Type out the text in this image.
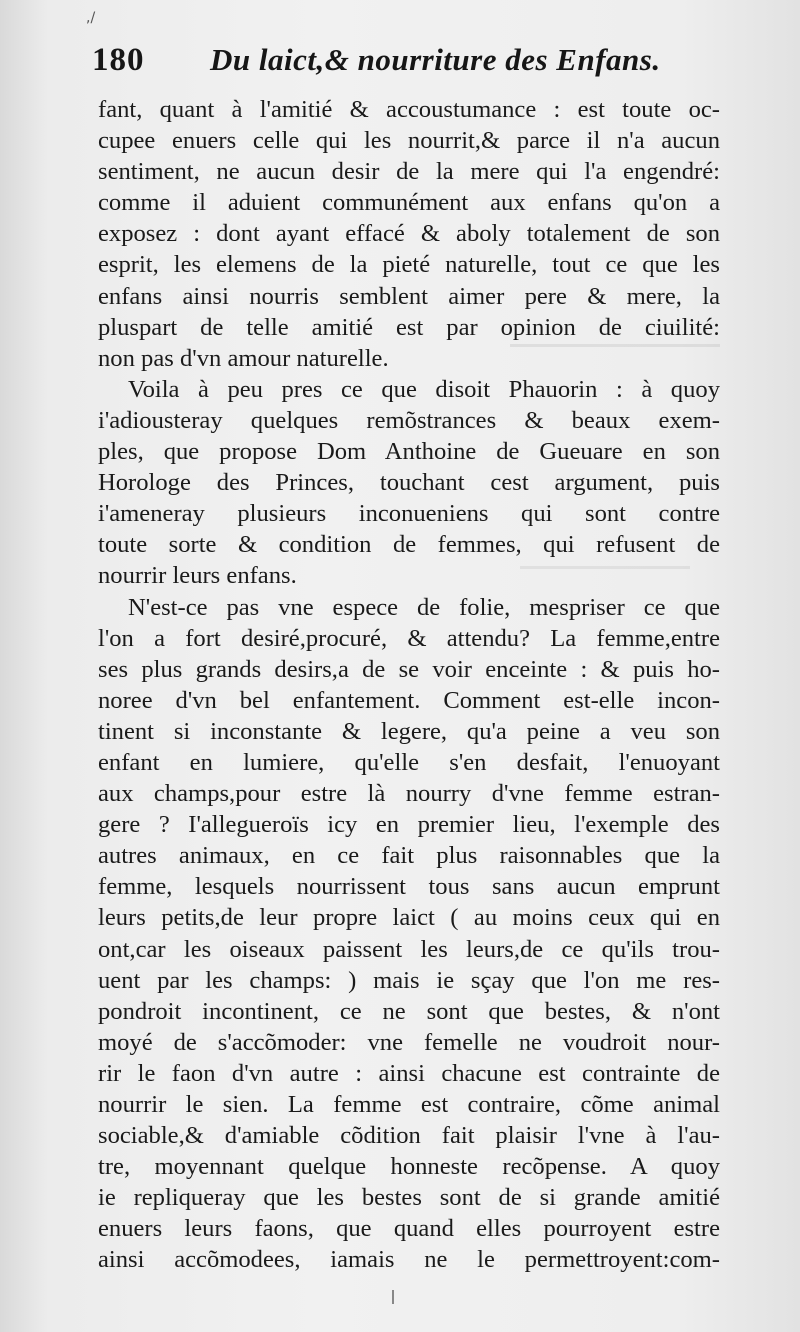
,/
180 Du laict,& nourriture des Enfans.
fant, quant à l'amitié & accoustumance : est toute oc-
cupee enuers celle qui les nourrit,& parce il n'a aucun
sentiment, ne aucun desir de la mere qui l'a engendré:
comme il aduient communément aux enfans qu'on a
exposez : dont ayant effacé & aboly totalement de son
esprit, les elemens de la pieté naturelle, tout ce que les
enfans ainsi nourris semblent aimer pere & mere, la
pluspart de telle amitié est par opinion de ciuilité:
non pas d'vn amour naturelle.
Voila à peu pres ce que disoit Phauorin : à quoy
i'adiousteray quelques remõstrances & beaux exem-
ples, que propose Dom Anthoine de Gueuare en son
Horologe des Princes, touchant cest argument, puis
i'ameneray plusieurs inconueniens qui sont contre
toute sorte & condition de femmes, qui refusent de
nourrir leurs enfans.
N'est-ce pas vne espece de folie, mespriser ce que
l'on a fort desiré,procuré, & attendu? La femme,entre
ses plus grands desirs,a de se voir enceinte : & puis ho-
noree d'vn bel enfantement. Comment est-elle incon-
tinent si inconstante & legere, qu'a peine a veu son
enfant en lumiere, qu'elle s'en desfait, l'enuoyant
aux champs,pour estre là nourry d'vne femme estran-
gere ? I'allegueroïs icy en premier lieu, l'exemple des
autres animaux, en ce fait plus raisonnables que la
femme, lesquels nourrissent tous sans aucun emprunt
leurs petits,de leur propre laict ( au moins ceux qui en
ont,car les oiseaux paissent les leurs,de ce qu'ils trou-
uent par les champs: ) mais ie sçay que l'on me res-
pondroit incontinent, ce ne sont que bestes, & n'ont
moyé de s'accõmoder: vne femelle ne voudroit nour-
rir le faon d'vn autre : ainsi chacune est contrainte de
nourrir le sien. La femme est contraire, cõme animal
sociable,& d'amiable cõdition fait plaisir l'vne à l'au-
tre, moyennant quelque honneste recõpense. A quoy
ie repliqueray que les bestes sont de si grande amitié
enuers leurs faons, que quand elles pourroyent estre
ainsi accõmodees, iamais ne le permettroyent:com-
